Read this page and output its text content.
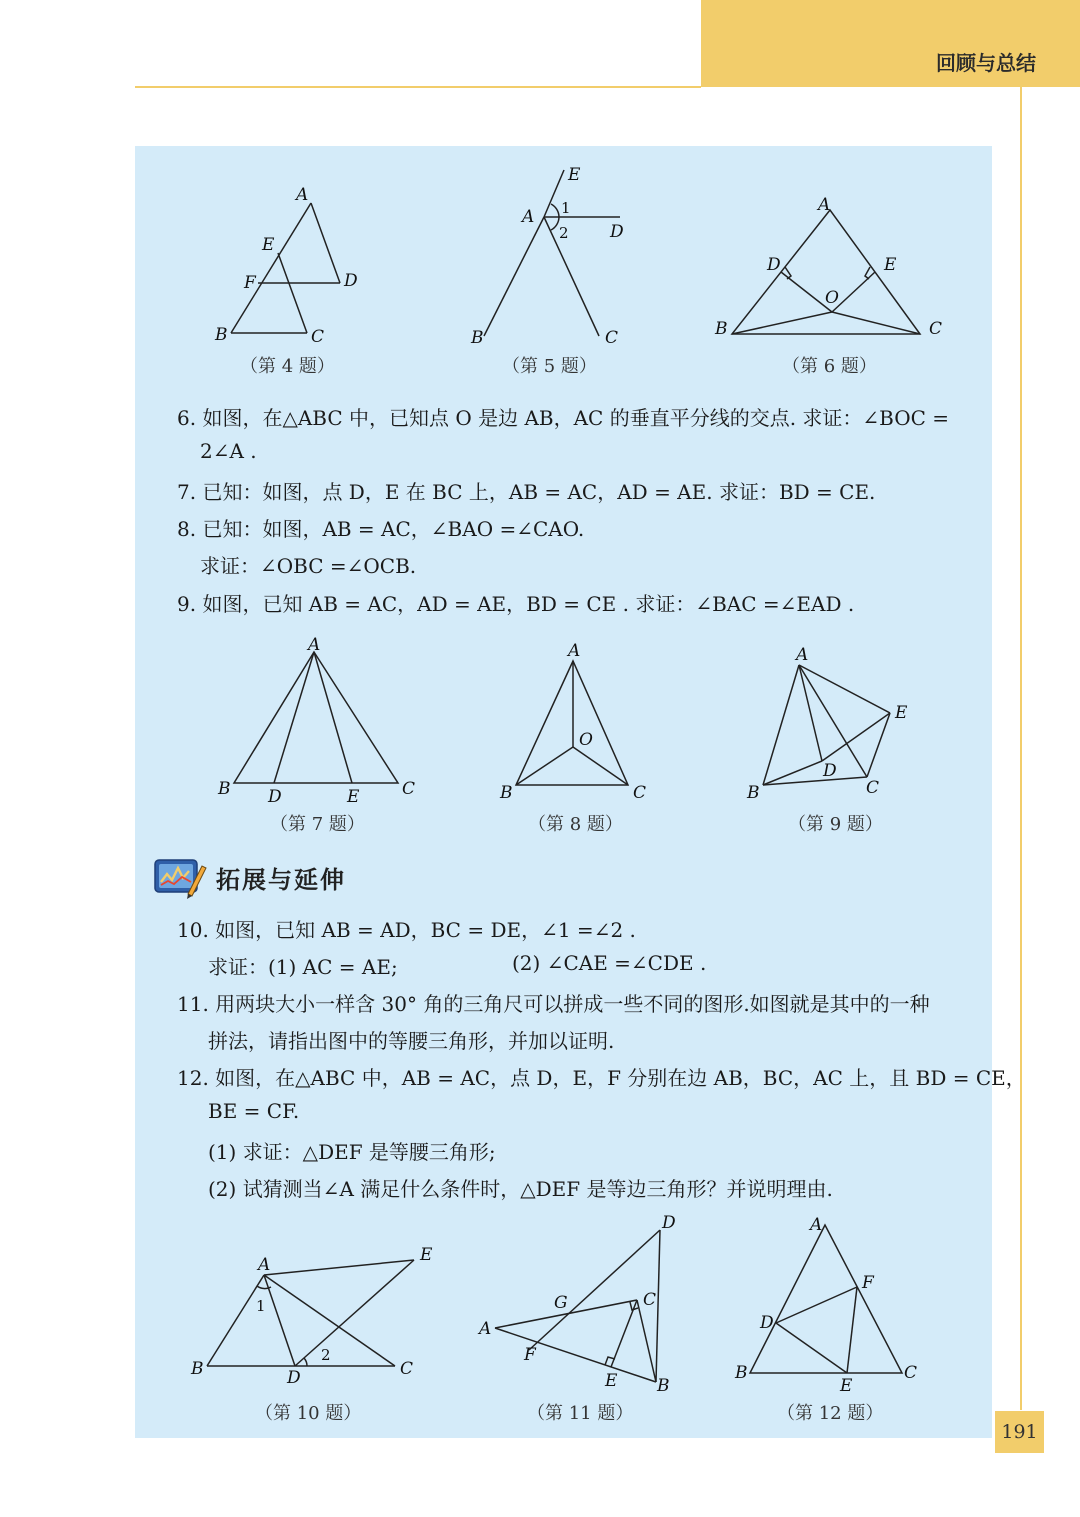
回顾与总结
A
E
F	D
B	C
（第 4 题）
E
A 1
2 D
B	C
（第 5 题）
A
D	E
O
B	C
（第 6 题）
6. 如图，在△ABC 中，已知点 O 是边 AB，AC 的垂直平分线的交点. 求证：∠BOC =
2∠A .
7. 已知：如图，点 D，E 在 BC 上，AB = AC，AD = AE. 求证：BD = CE.
8. 已知：如图，AB = AC，∠BAO =∠CAO.
求证：∠OBC =∠OCB.
9. 如图，已知 AB = AC，AD = AE，BD = CE . 求证：∠BAC =∠EAD .
A
B D	E	C
（第 7 题）
A
O
B	C
（第 8 题）
A
E
D
B	C
（第 9 题）
拓展与延伸
10. 如图，已知 AB = AD，BC = DE，∠1 =∠2 .
求证：(1) AC = AE;	(2) ∠CAE =∠CDE .
11. 用两块大小一样含 30° 角的三角尺可以拼成一些不同的图形.如图就是其中的一种
拼法，请指出图中的等腰三角形，并加以证明.
12. 如图，在△ABC 中，AB = AC，点 D，E，F 分别在边 AB，BC，AC 上，且 BD = CE，
BE = CF.
(1) 求证：△DEF 是等腰三角形;
(2) 试猜测当∠A 满足什么条件时，△DEF 是等边三角形？并说明理由.
A	E
1
2
B	D	C
（第 10 题）
D
G	C
A
F
E B
（第 11 题）
A
F
D
B
E
C
（第 12 题）
191
